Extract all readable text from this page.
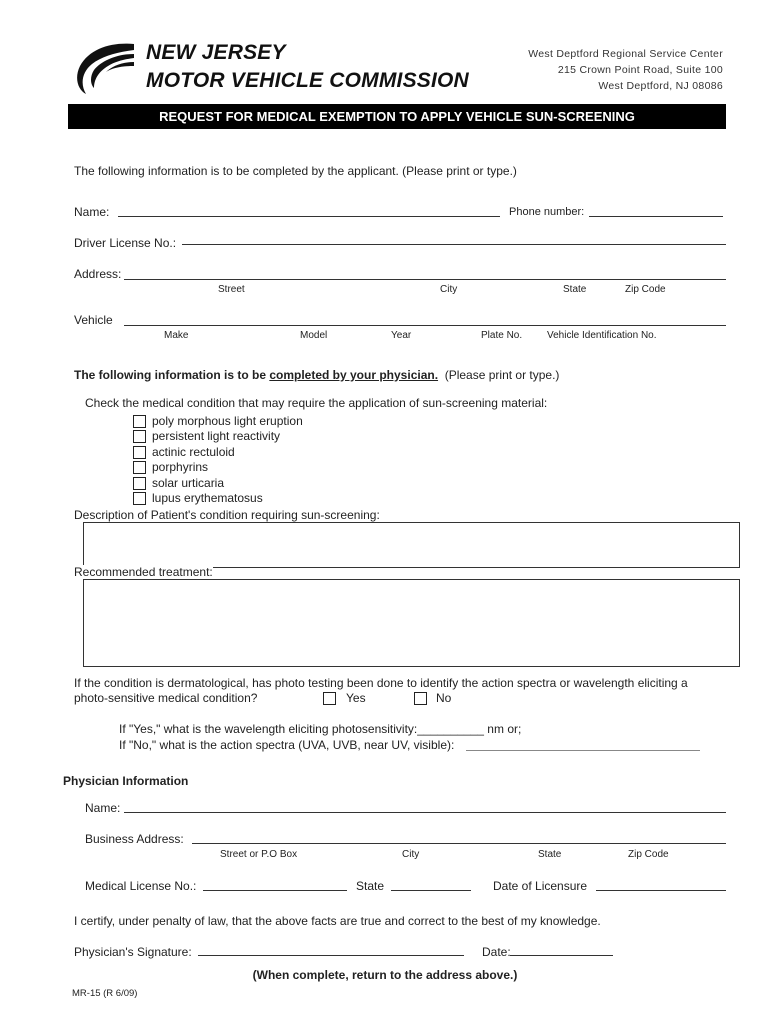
NEW JERSEY
MOTOR VEHICLE COMMISSION
West Deptford Regional Service Center
215 Crown Point Road, Suite 100
West Deptford, NJ 08086
REQUEST FOR MEDICAL EXEMPTION TO APPLY VEHICLE SUN-SCREENING
The following information is to be completed by the applicant. (Please print or type.)
Name:	Phone number:
Driver License No.:
Address:
Street	City	State	Zip Code
Vehicle
Make	Model	Year	Plate No. Vehicle Identification No.
The following information is to be completed by your physician.  (Please print or type.)
Check the medical condition that may require the application of sun-screening material:
poly morphous light eruption
persistent light reactivity
actinic rectuloid
porphyrins
solar urticaria
lupus erythematosus
Description of Patient's condition requiring sun-screening:
Recommended treatment:
If the condition is dermatological, has photo testing been done to identify the action spectra or wavelength eliciting a
photo-sensitive medical condition?	Yes	No
If "Yes," what is the wavelength eliciting photosensitivity:__________ nm or;
If "No," what is the action spectra (UVA, UVB, near UV, visible):
Physician Information
Name:
Business Address:
Street or P.O Box	City	State	Zip Code
Medical License No.:	State	Date of Licensure
I certify, under penalty of law, that the above facts are true and correct to the best of my knowledge.
Physician's Signature:	Date:
(When complete, return to the address above.)
MR-15 (R 6/09)
